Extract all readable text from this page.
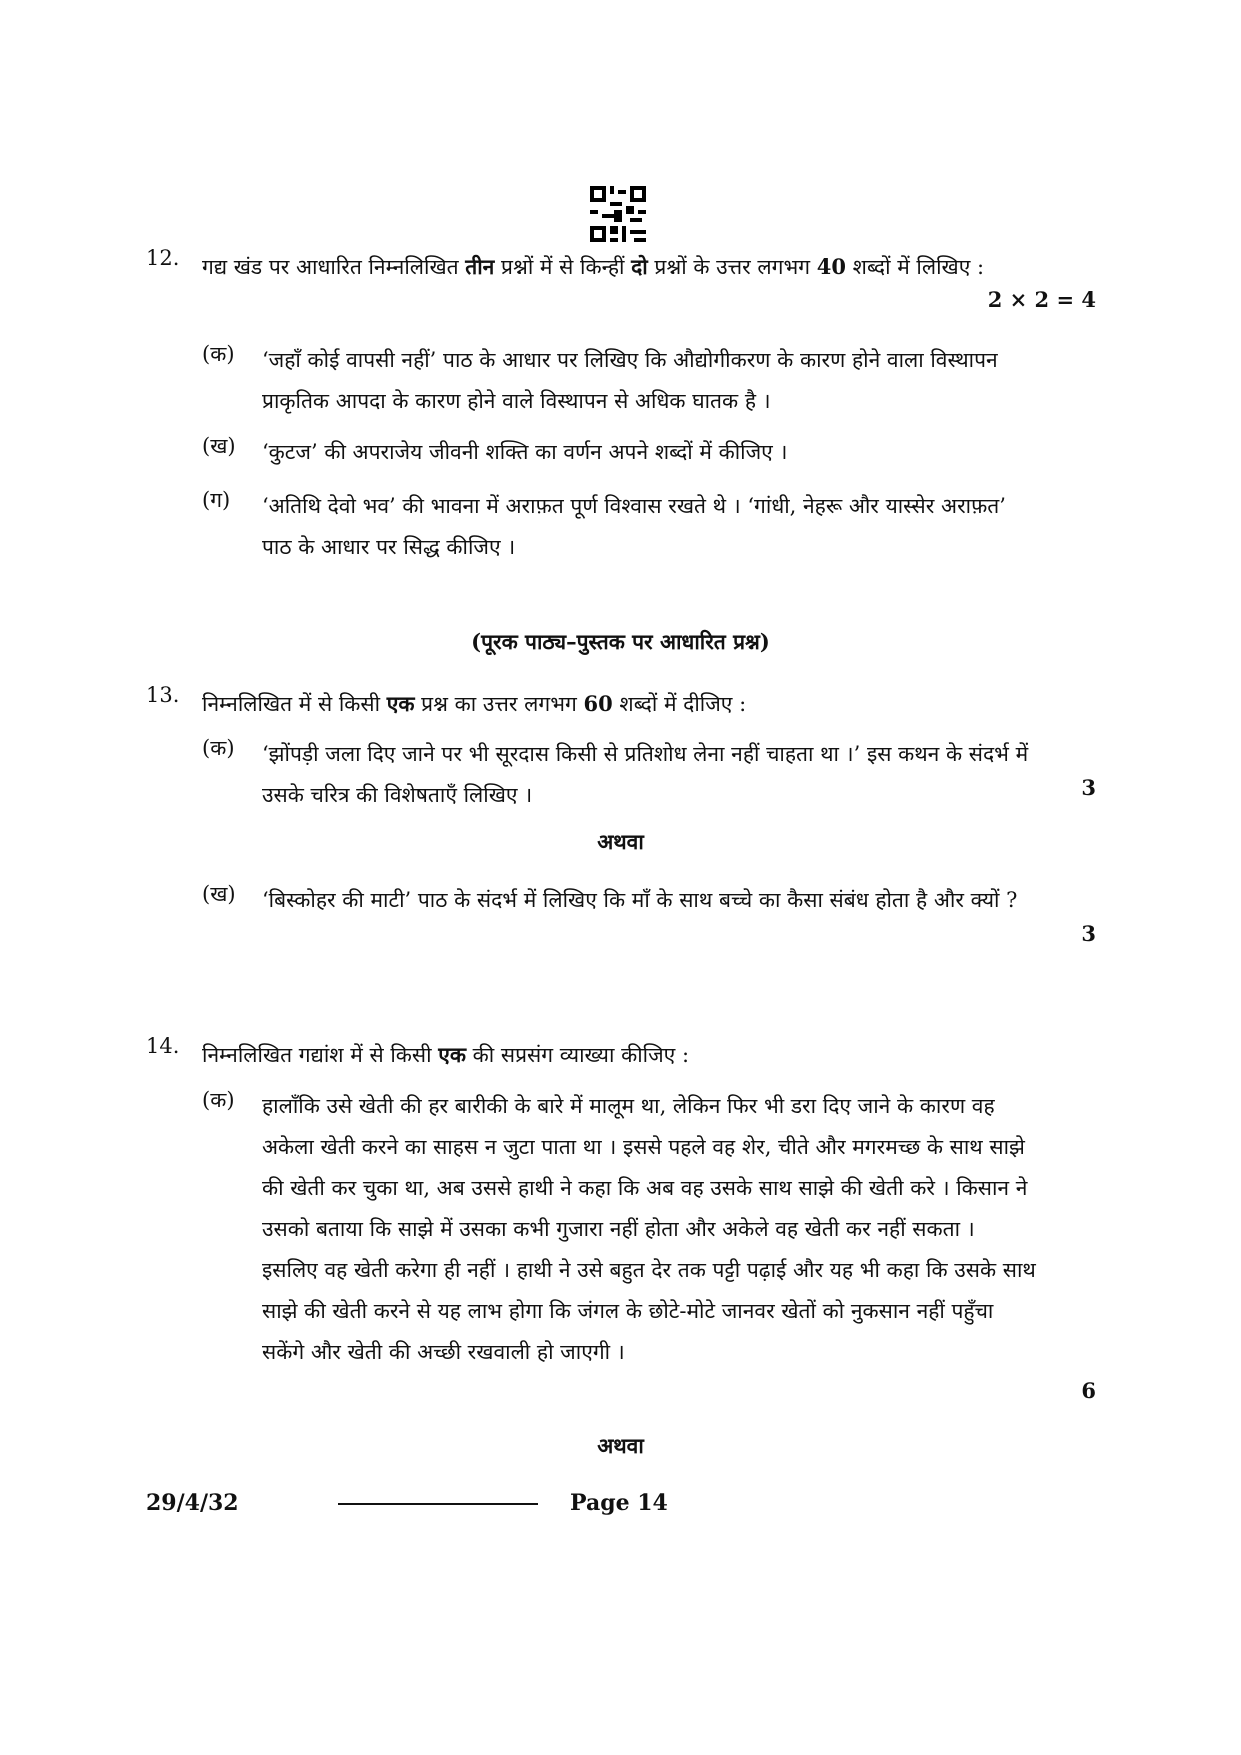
12. गद्य खंड पर आधारित निम्नलिखित तीन प्रश्नों में से किन्हीं दो प्रश्नों के उत्तर लगभग 40 शब्दों में लिखिए :
2 × 2 = 4
(क) ‘जहाँ कोई वापसी नहीं’ पाठ के आधार पर लिखिए कि औद्योगीकरण के कारण होने वाला विस्थापन प्राकृतिक आपदा के कारण होने वाले विस्थापन से अधिक घातक है ।
(ख) ‘कुटज’ की अपराजेय जीवनी शक्ति का वर्णन अपने शब्दों में कीजिए ।
(ग) ‘अतिथि देवो भव’ की भावना में अराफ़त पूर्ण विश्वास रखते थे । ‘गांधी, नेहरू और यास्सेर अराफ़त’ पाठ के आधार पर सिद्ध कीजिए ।
(पूरक पाठ्य–पुस्तक पर आधारित प्रश्न)
13. निम्नलिखित में से किसी एक प्रश्न का उत्तर लगभग 60 शब्दों में दीजिए :
(क) ‘झोंपड़ी जला दिए जाने पर भी सूरदास किसी से प्रतिशोध लेना नहीं चाहता था ।’ इस कथन के संदर्भ में उसके चरित्र की विशेषताएँ लिखिए ।	3
अथवा
(ख) ‘बिस्कोहर की माटी’ पाठ के संदर्भ में लिखिए कि माँ के साथ बच्चे का कैसा संबंध होता है और क्यों ?
3
14. निम्नलिखित गद्यांश में से किसी एक की सप्रसंग व्याख्या कीजिए :
(क) हालाँकि उसे खेती की हर बारीकी के बारे में मालूम था, लेकिन फिर भी डरा दिए जाने के कारण वह अकेला खेती करने का साहस न जुटा पाता था । इससे पहले वह शेर, चीते और मगरमच्छ के साथ साझे की खेती कर चुका था, अब उससे हाथी ने कहा कि अब वह उसके साथ साझे की खेती करे । किसान ने उसको बताया कि साझे में उसका कभी गुजारा नहीं होता और अकेले वह खेती कर नहीं सकता । इसलिए वह खेती करेगा ही नहीं । हाथी ने उसे बहुत देर तक पट्टी पढ़ाई और यह भी कहा कि उसके साथ साझे की खेती करने से यह लाभ होगा कि जंगल के छोटे-मोटे जानवर खेतों को नुकसान नहीं पहुँचा सकेंगे और खेती की अच्छी रखवाली हो जाएगी ।
6
अथवा
29/4/32	Page 14
